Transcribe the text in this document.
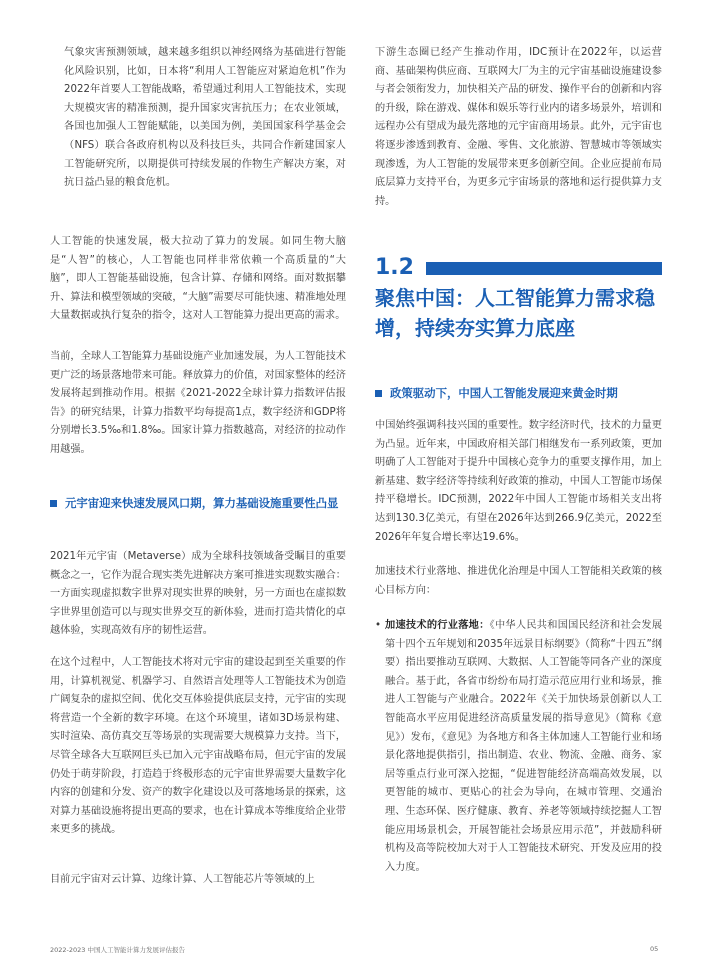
气象灾害预测领域，越来越多组织以神经网络为基础进行智能化风险识别，比如，日本将“利用人工智能应对紧迫危机”作为2022年首要人工智能战略，希望通过利用人工智能技术，实现大规模灾害的精准预测，提升国家灾害抗压力；在农业领域，各国也加强人工智能赋能，以美国为例，美国国家科学基金会（NFS）联合各政府机构以及科技巨头，共同合作新建国家人工智能研究所，以期提供可持续发展的作物生产解决方案，对抗日益凸显的粮食危机。

人工智能的快速发展，极大拉动了算力的发展。如同生物大脑是“人智”的核心，人工智能也同样非常依赖一个高质量的“大脑”，即人工智能基础设施，包含计算、存储和网络。面对数据攀升、算法和模型领域的突破，“大脑”需要尽可能快速、精准地处理大量数据或执行复杂的指令，这对人工智能算力提出更高的需求。

当前，全球人工智能算力基础设施产业加速发展，为人工智能技术更广泛的场景落地带来可能。释放算力的价值，对国家整体的经济发展将起到推动作用。根据《2021-2022全球计算力指数评估报告》的研究结果，计算力指数平均每提高1点，数字经济和GDP将分别增长3.5‰和1.8‰。国家计算力指数越高，对经济的拉动作用越强。

元宇宙迎来快速发展风口期，算力基础设施重要性凸显

2021年元宇宙（Metaverse）成为全球科技领域备受瞩目的重要概念之一，它作为混合现实类先进解决方案可推进实现数实融合：一方面实现虚拟数字世界对现实世界的映射，另一方面也在虚拟数字世界里创造可以与现实世界交互的新体验，进而打造共情化的卓越体验，实现高效有序的韧性运营。

在这个过程中，人工智能技术将对元宇宙的建设起到至关重要的作用，计算机视觉、机器学习、自然语言处理等人工智能技术为创造广阔复杂的虚拟空间、优化交互体验提供底层支持，元宇宙的实现将营造一个全新的数字环境。在这个环境里，诸如3D场景构建、实时渲染、高仿真交互等场景的实现需要大规模算力支持。当下，尽管全球各大互联网巨头已加入元宇宙战略布局，但元宇宙的发展仍处于萌芽阶段，打造趋于终极形态的元宇宙世界需要大量数字化内容的创建和分发、资产的数字化建设以及可落地场景的探索，这对算力基础设施将提出更高的要求，也在计算成本等维度给企业带来更多的挑战。

目前元宇宙对云计算、边缘计算、人工智能芯片等领域的上

下游生态圈已经产生推动作用，IDC预计在2022年，以运营商、基础架构供应商、互联网大厂为主的元宇宙基础设施建设参与者会领衔发力，加快相关产品的研发、操作平台的创新和内容的升级，除在游戏、媒体和娱乐等行业内的诸多场景外，培训和远程办公有望成为最先落地的元宇宙商用场景。此外，元宇宙也将逐步渗透到教育、金融、零售、文化旅游、智慧城市等领域实现渗透，为人工智能的发展带来更多创新空间。企业应提前布局底层算力支持平台，为更多元宇宙场景的落地和运行提供算力支持。

1.2
聚焦中国：人工智能算力需求稳增，持续夯实算力底座
政策驱动下，中国人工智能发展迎来黄金时期

中国始终强调科技兴国的重要性。数字经济时代，技术的力量更为凸显。近年来，中国政府相关部门相继发布一系列政策，更加明确了人工智能对于提升中国核心竞争力的重要支撑作用，加上新基建、数字经济等持续利好政策的推动，中国人工智能市场保持平稳增长。IDC预测，2022年中国人工智能市场相关支出将达到130.3亿美元，有望在2026年达到266.9亿美元，2022至2026年年复合增长率达19.6%。

加速技术行业落地、推进优化治理是中国人工智能相关政策的核心目标方向：

• 加速技术的行业落地：《中华人民共和国国民经济和社会发展第十四个五年规划和2035年远景目标纲要》（简称“十四五”纲要）指出要推动互联网、大数据、人工智能等同各产业的深度融合。基于此，各省市纷纷布局打造示范应用行业和场景，推进人工智能与产业融合。2022年《关于加快场景创新以人工智能高水平应用促进经济高质量发展的指导意见》（简称《意见》）发布，《意见》为各地方和各主体加速人工智能行业和场景化落地提供指引，指出制造、农业、物流、金融、商务、家居等重点行业可深入挖掘，“促进智能经济高端高效发展，以更智能的城市、更贴心的社会为导向，在城市管理、交通治理、生态环保、医疗健康、教育、养老等领域持续挖掘人工智能应用场景机会，开展智能社会场景应用示范”，并鼓励科研机构及高等院校加大对于人工智能技术研究、开发及应用的投入力度。

2022-2023 中国人工智能计算力发展评估报告	05
